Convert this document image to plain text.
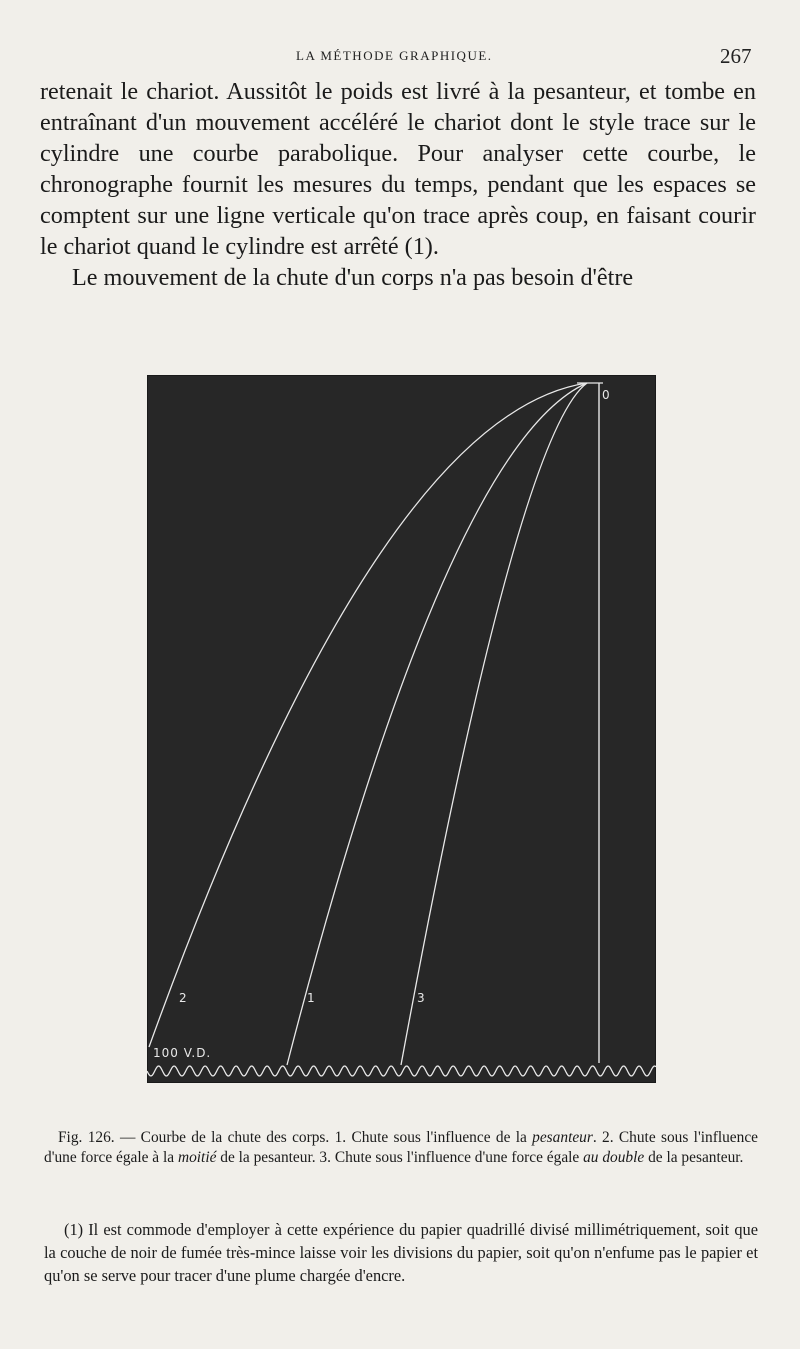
LA MÉTHODE GRAPHIQUE.	267

retenait le chariot. Aussitôt le poids est livré à la pesanteur, et tombe en entraînant d'un mouvement accéléré le chariot dont le style trace sur le cylindre une courbe parabolique. Pour analyser cette courbe, le chronographe fournit les mesures du temps, pendant que les espaces se comptent sur une ligne verticale qu'on trace après coup, en faisant courir le chariot quand le cylindre est arrêté (1).

Le mouvement de la chute d'un corps n'a pas besoin d'être

0
2	1	3
100 V.D.

Fig. 126. — Courbe de la chute des corps. 1. Chute sous l'influence de la pesanteur. 2. Chute sous l'influence d'une force égale à la moitié de la pesanteur. 3. Chute sous l'influence d'une force égale au double de la pesanteur.

(1) Il est commode d'employer à cette expérience du papier quadrillé divisé millimétriquement, soit que la couche de noir de fumée très-mince laisse voir les divisions du papier, soit qu'on n'enfume pas le papier et qu'on se serve pour tracer d'une plume chargée d'encre.
